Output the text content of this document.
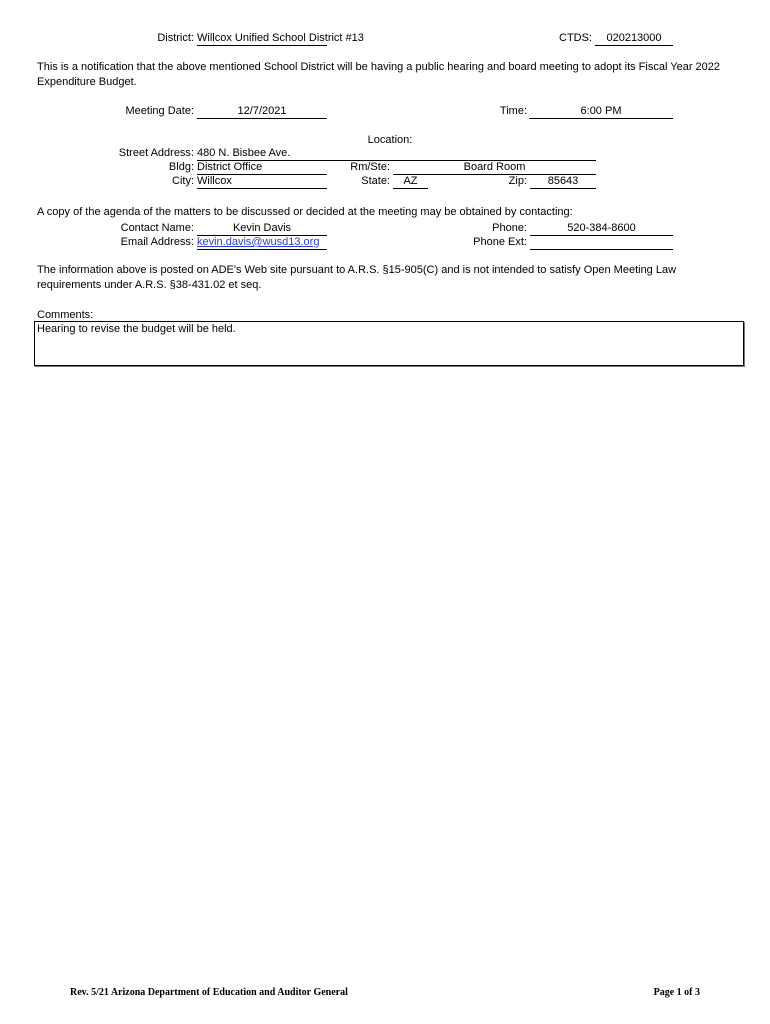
District: Willcox Unified School District #13	CTDS:	020213000
This is a notification that the above mentioned School District will be having a public hearing and board meeting to adopt its Fiscal Year 2022 Expenditure Budget.
Meeting Date:	12/7/2021	Time:	6:00 PM
Location:
Street Address: 480 N. Bisbee Ave.
Bldg: District Office	Rm/Ste:	Board Room
City: Willcox	State:	AZ	Zip:	85643
A copy of the agenda of the matters to be discussed or decided at the meeting may be obtained by contacting:
Contact Name:	Kevin Davis	Phone:	520-384-8600
Email Address: kevin.davis@wusd13.org	Phone Ext:
The information above is posted on ADE's Web site pursuant to A.R.S. §15-905(C) and is not intended to satisfy Open Meeting Law requirements under A.R.S. §38-431.02 et seq.
Comments:
Hearing to revise the budget will be held.
Rev. 5/21 Arizona Department of Education and Auditor General	Page 1 of 3
